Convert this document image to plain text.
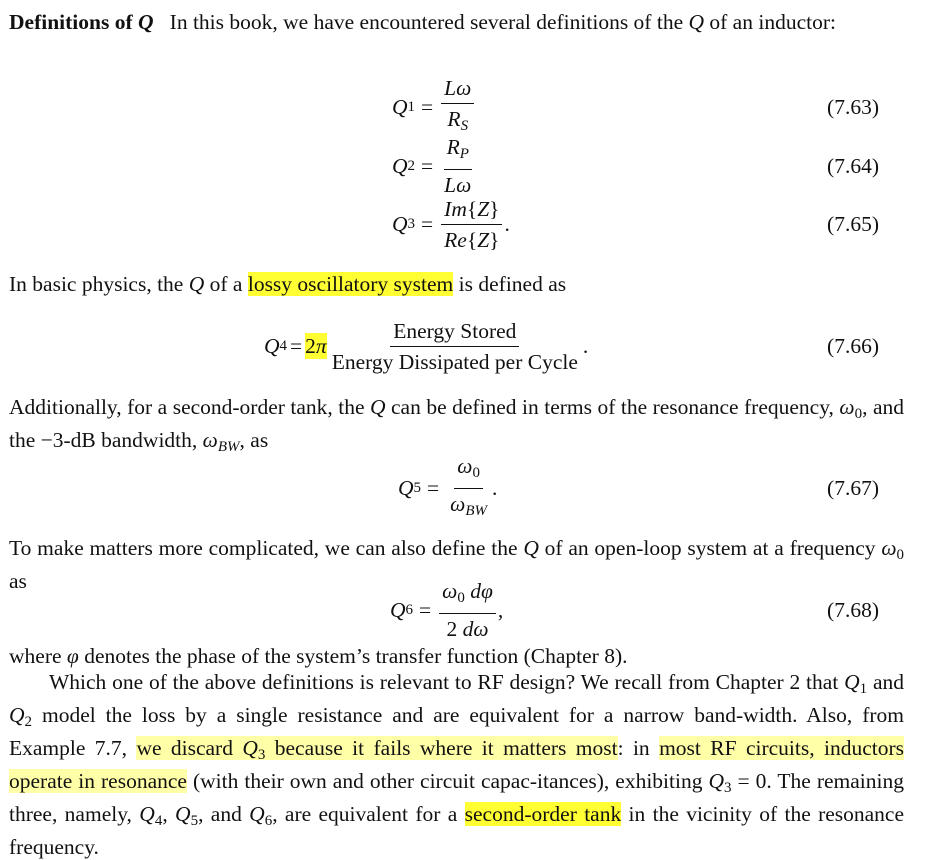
Definitions of Q   In this book, we have encountered several definitions of the Q of an inductor:

Q $1 = \frac{L\omega}{R_S}$	(7.63)
Q $2 = \frac{R_P}{L\omega}$	(7.64)
Q $3 = \frac{Im\{Z\}}{Re\{Z\}}$ .	(7.65)

In basic physics, the Q of a lossy oscillatory system is defined as

Q $4 = 2\pi \frac{\text{Energy Stored}}{\text{Energy Dissipated per Cycle}}$ .	(7.66)

Additionally, for a second-order tank, the Q can be defined in terms of the resonance frequency, $\omega_0$, and the −3-dB bandwidth, $\omega_{BW}$, as

Q $5 = \frac{\omega_0}{\omega_{BW}}$ .	(7.67)

To make matters more complicated, we can also define the Q of an open-loop system at a frequency $\omega_0$ as

Q $6 = \frac{\omega_0 d\varphi}{2 d\omega}$ ,	(7.68)

where φ denotes the phase of the system’s transfer function (Chapter 8).

Which one of the above definitions is relevant to RF design? We recall from Chapter 2 that $Q_1$ and $Q_2$ model the loss by a single resistance and are equivalent for a narrow band-width. Also, from Example 7.7, we discard $Q_3$ because it fails where it matters most: in most RF circuits, inductors operate in resonance (with their own and other circuit capac-itances), exhibiting $Q_3 = 0$. The remaining three, namely, $Q_4$, $Q_5$, and $Q_6$, are equivalent for a second-order tank in the vicinity of the resonance frequency.
